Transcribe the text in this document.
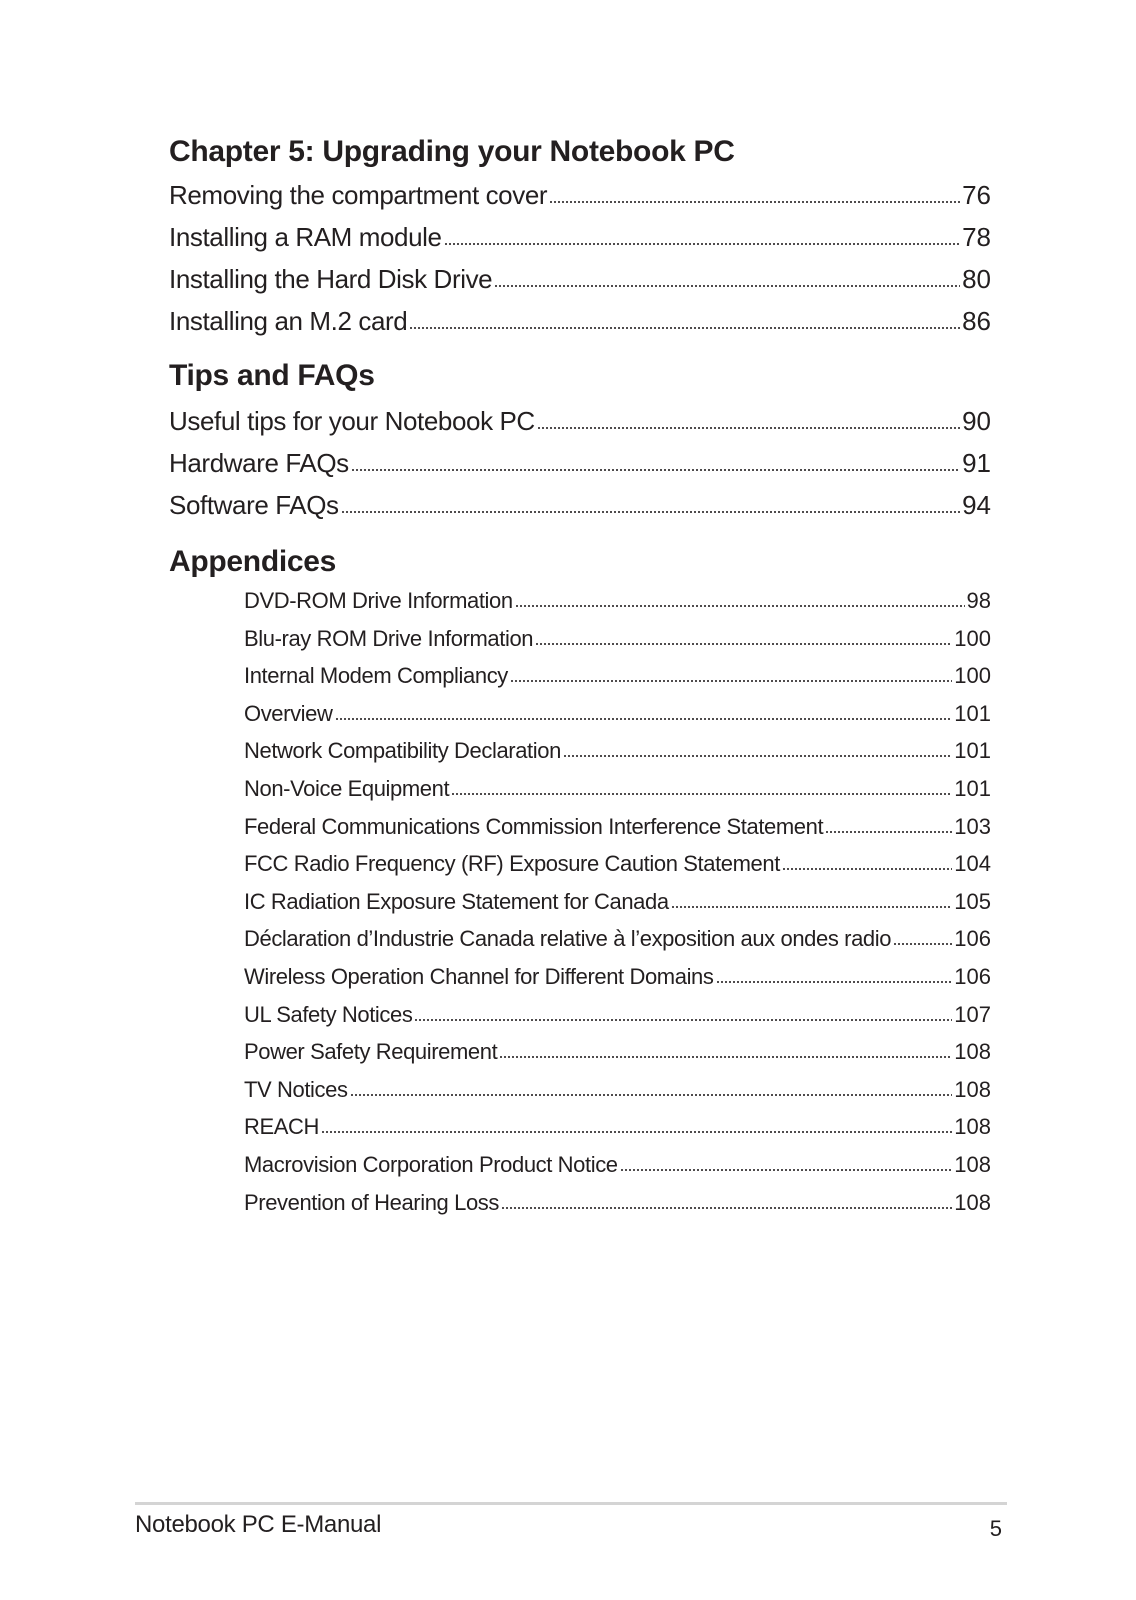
Chapter 5: Upgrading your Notebook PC
Removing the compartment cover	76
Installing a RAM module	78
Installing the Hard Disk Drive	80
Installing an M.2 card	86
Tips and FAQs
Useful tips for your Notebook PC	90
Hardware FAQs	91
Software FAQs	94
Appendices
DVD-ROM Drive Information	98
Blu-ray ROM Drive Information	100
Internal Modem Compliancy	100
Overview	101
Network Compatibility Declaration	101
Non-Voice Equipment	101
Federal Communications Commission Interference Statement	103
FCC Radio Frequency (RF) Exposure Caution Statement	104
IC Radiation Exposure Statement for Canada	105
Déclaration d’Industrie Canada relative à l’exposition aux ondes radio	106
Wireless Operation Channel for Different Domains	106
UL Safety Notices	107
Power Safety Requirement	108
TV Notices	108
REACH	108
Macrovision Corporation Product Notice	108
Prevention of Hearing Loss	108
Notebook PC E-Manual	5
